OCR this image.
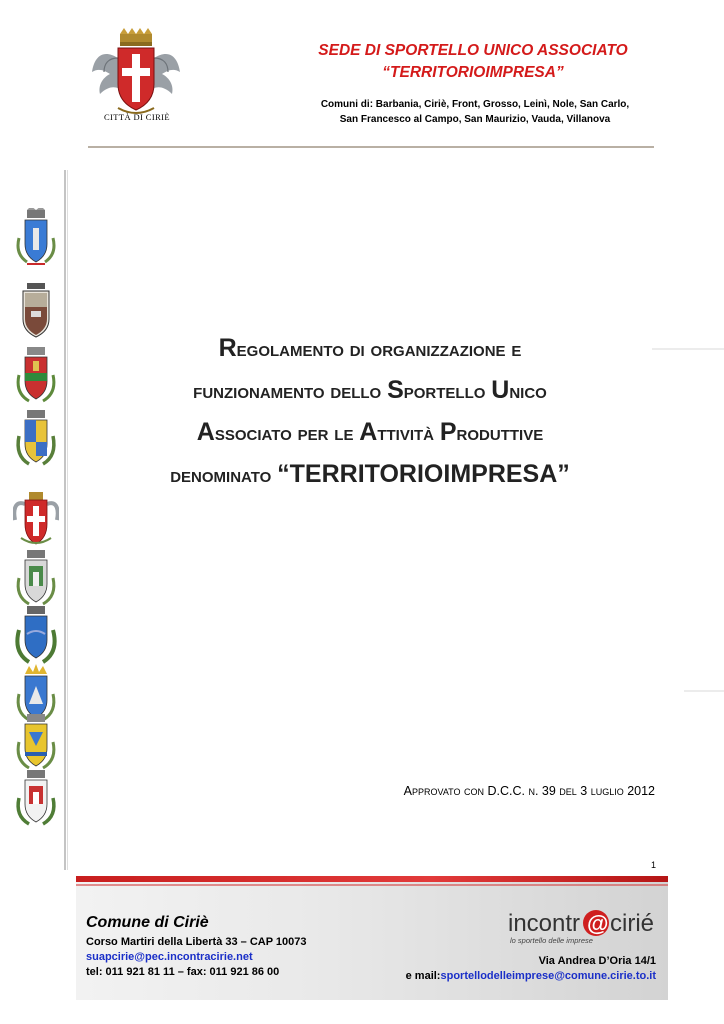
CITTÀ DI CIRIÈ
SEDE DI SPORTELLO UNICO ASSOCIATO
“TERRITORIOIMPRESA”
Comuni di: Barbania, Ciriè, Front, Grosso, Leinì, Nole, San Carlo,
San Francesco al Campo, San Maurizio, Vauda, Villanova
Regolamento di organizzazione e
funzionamento dello Sportello Unico
Associato per le Attività Produttive
denominato “TERRITORIOIMPRESA”
Approvato con D.C.C. n. 39 del 3 luglio 2012
1
Comune di Ciriè
Corso Martiri della Libertà 33 – CAP 10073
suapcirie@pec.incontracirie.net
tel: 011 921 81 11 – fax: 011 921 86 00
incontr @ cirié
lo sportello delle imprese
Via Andrea D’Oria 14/1
e mail:sportellodelleimprese@comune.cirie.to.it
